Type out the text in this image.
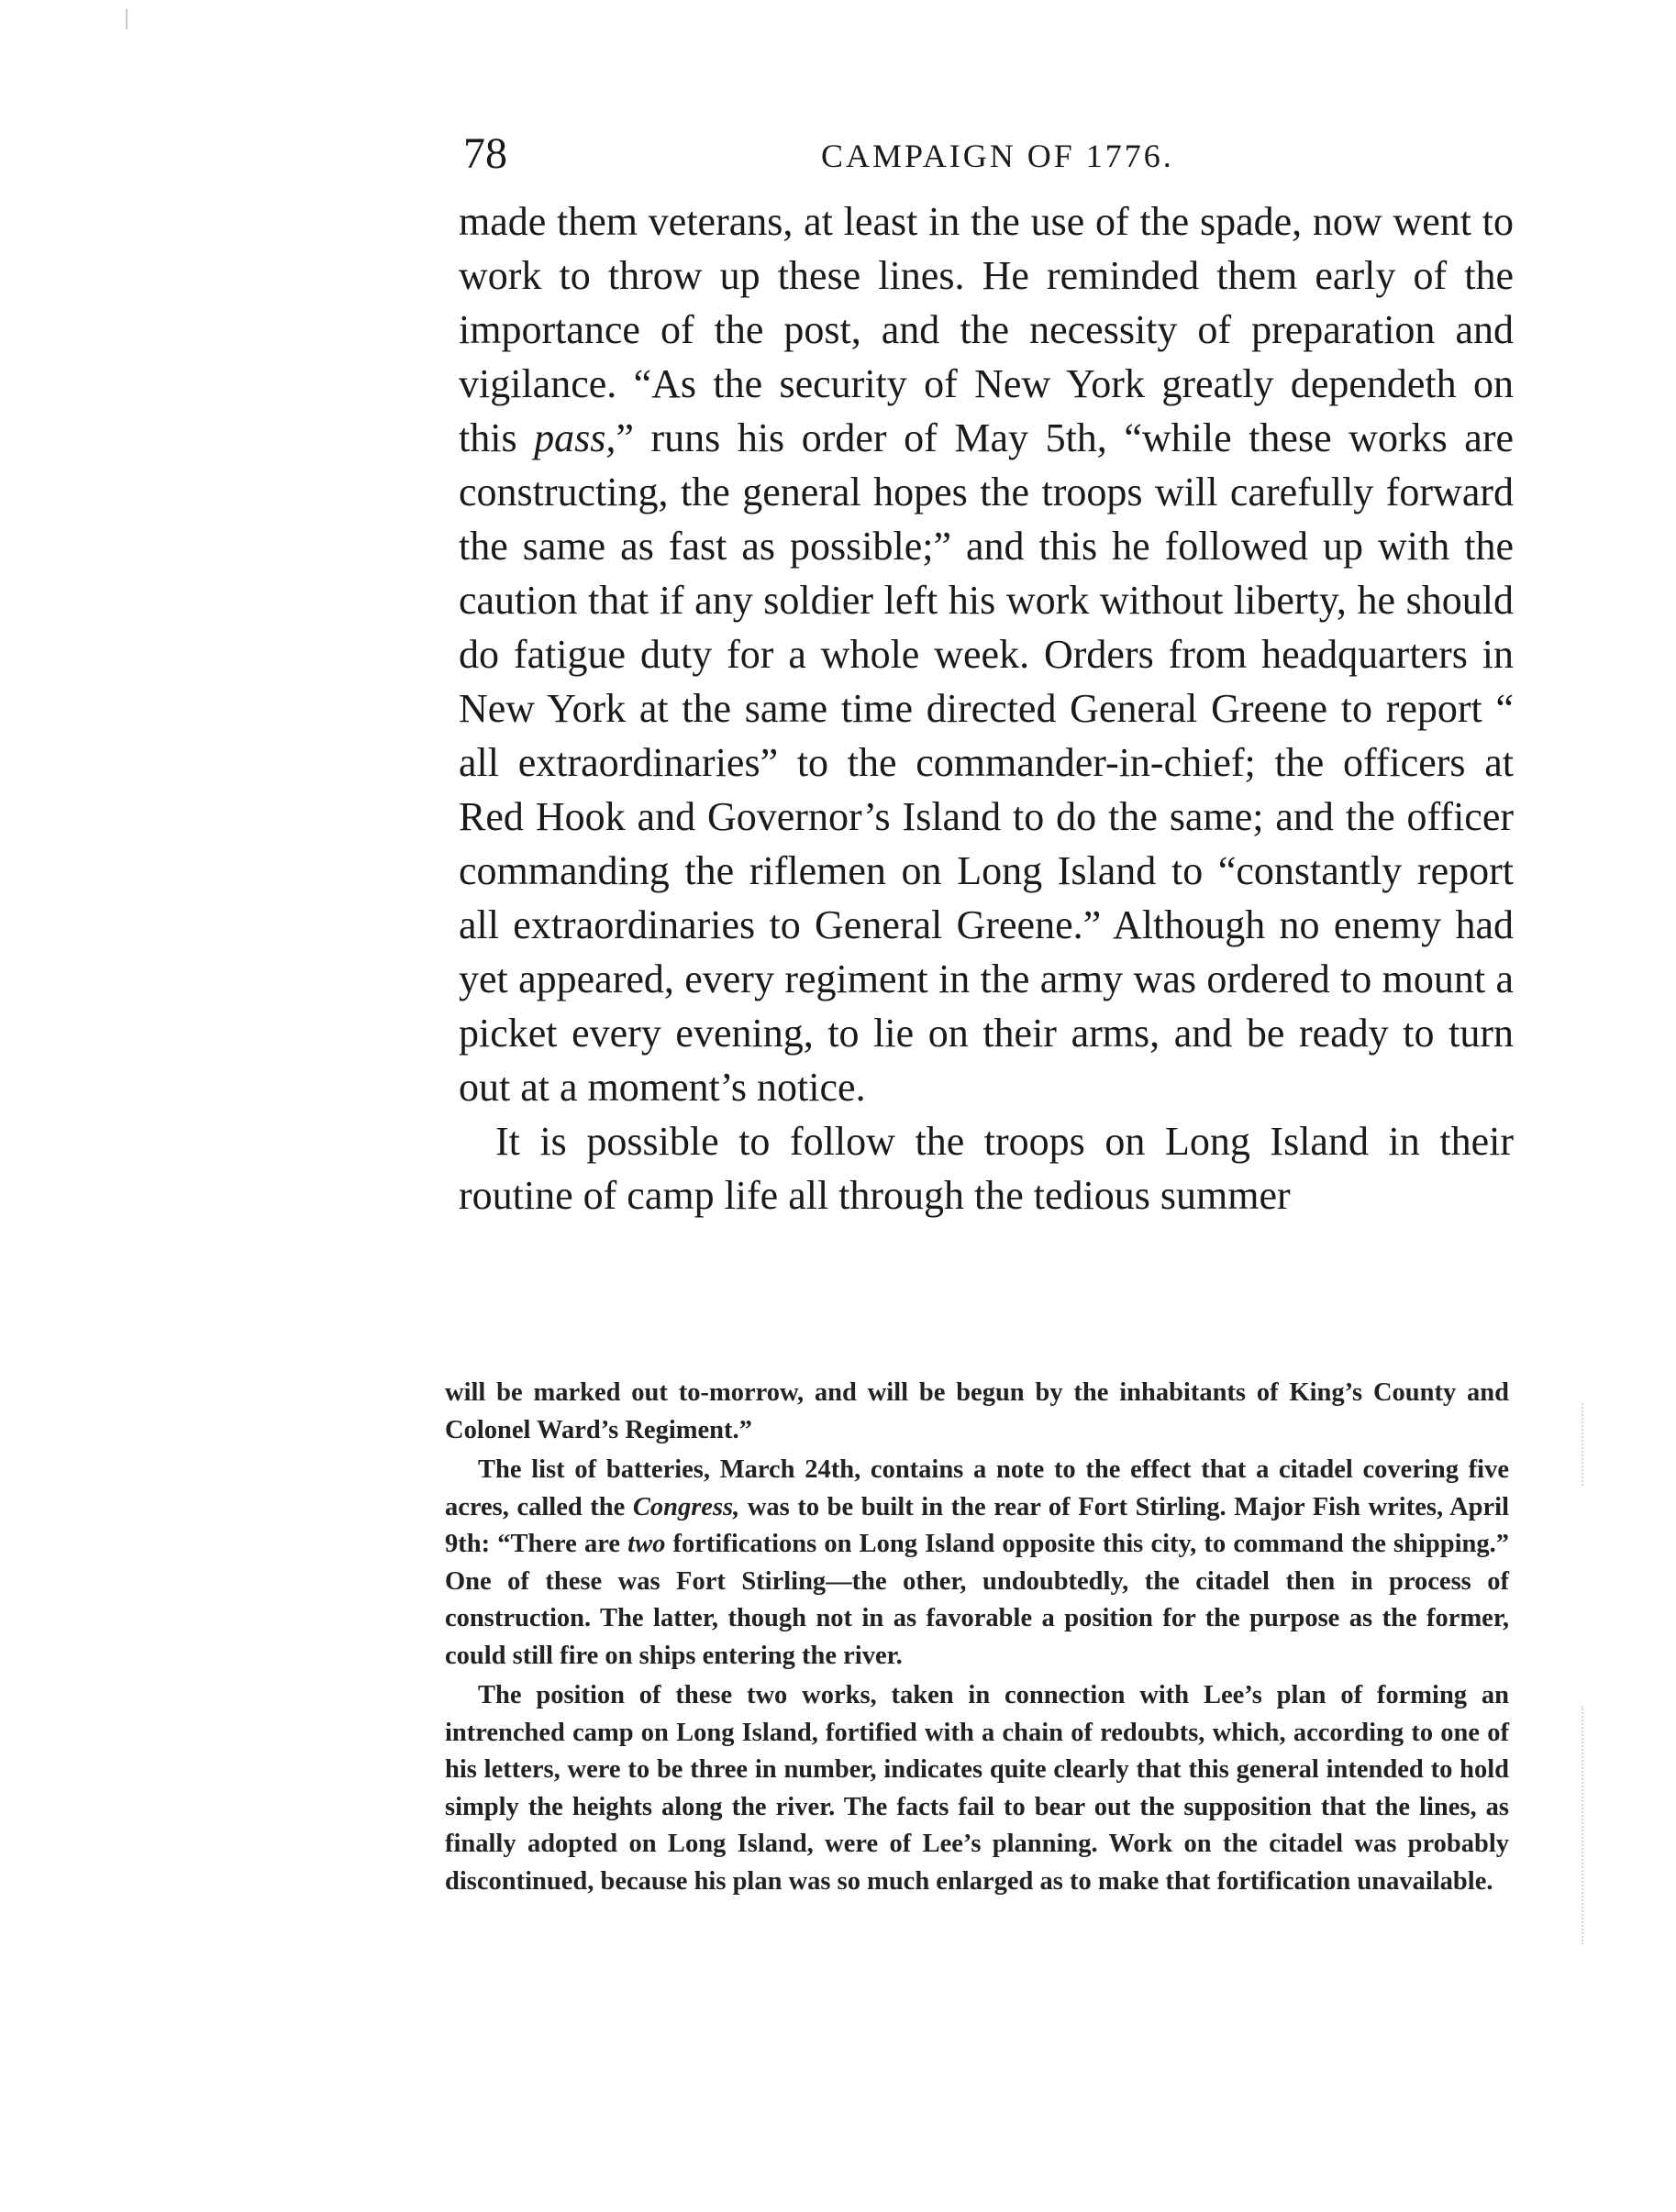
78	CAMPAIGN OF 1776.

made them veterans, at least in the use of the spade, now went to work to throw up these lines. He reminded them early of the importance of the post, and the necessity of preparation and vigilance. “As the security of New York greatly dependeth on this pass,” runs his order of May 5th, “while these works are constructing, the general hopes the troops will carefully forward the same as fast as possible;” and this he followed up with the caution that if any soldier left his work without liberty, he should do fatigue duty for a whole week. Orders from headquarters in New York at the same time directed General Greene to report “ all extraordinaries” to the commander-in-chief; the officers at Red Hook and Governor’s Island to do the same; and the officer commanding the riflemen on Long Island to “constantly report all extraordinaries to General Greene.” Although no enemy had yet appeared, every regiment in the army was ordered to mount a picket every evening, to lie on their arms, and be ready to turn out at a moment’s notice.

It is possible to follow the troops on Long Island in their routine of camp life all through the tedious summer

will be marked out to-morrow, and will be begun by the inhabitants of King’s County and Colonel Ward’s Regiment.”

The list of batteries, March 24th, contains a note to the effect that a citadel covering five acres, called the Congress, was to be built in the rear of Fort Stirling. Major Fish writes, April 9th: “There are two fortifications on Long Island opposite this city, to command the shipping.” One of these was Fort Stirling—the other, undoubtedly, the citadel then in process of construction. The latter, though not in as favorable a position for the purpose as the former, could still fire on ships entering the river.

The position of these two works, taken in connection with Lee’s plan of forming an intrenched camp on Long Island, fortified with a chain of redoubts, which, according to one of his letters, were to be three in number, indicates quite clearly that this general intended to hold simply the heights along the river. The facts fail to bear out the supposition that the lines, as finally adopted on Long Island, were of Lee’s planning. Work on the citadel was probably discontinued, because his plan was so much enlarged as to make that fortification unavailable.
